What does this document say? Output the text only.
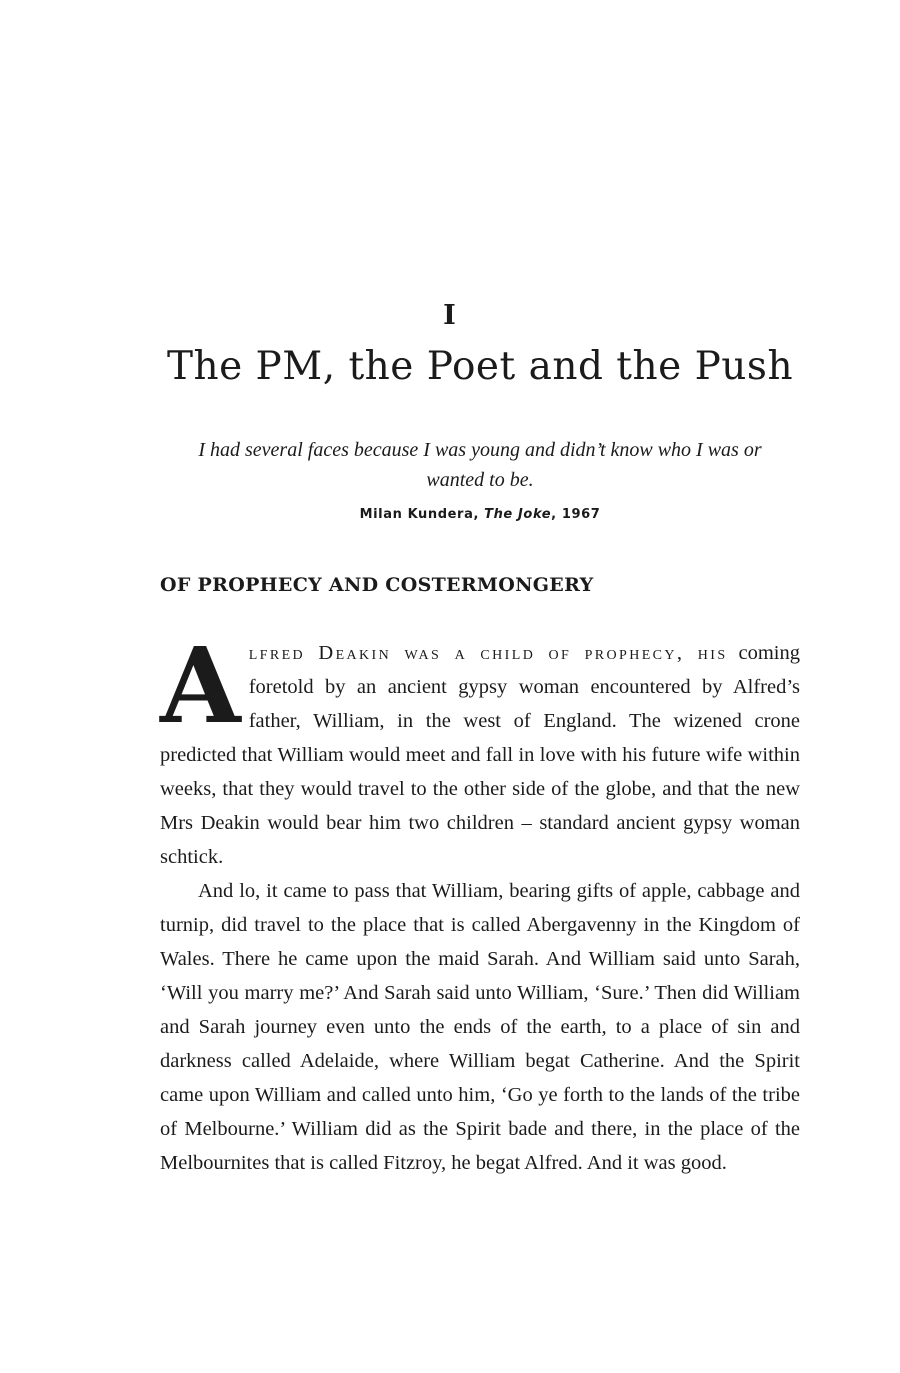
I
The PM, the Poet and the Push
I had several faces because I was young and didn’t know who I was or wanted to be.
Milan Kundera, The Joke, 1967
OF PROPHECY AND COSTERMONGERY

Alfred Deakin was a child of prophecy, his coming foretold by an ancient gypsy woman encountered by Alfred’s father, William, in the west of England. The wizened crone predicted that William would meet and fall in love with his future wife within weeks, that they would travel to the other side of the globe, and that the new Mrs Deakin would bear him two children – standard ancient gypsy woman schtick.

And lo, it came to pass that William, bearing gifts of apple, cabbage and turnip, did travel to the place that is called Abergavenny in the Kingdom of Wales. There he came upon the maid Sarah. And William said unto Sarah, ‘Will you marry me?’ And Sarah said unto William, ‘Sure.’ Then did William and Sarah journey even unto the ends of the earth, to a place of sin and darkness called Adelaide, where William begat Catherine. And the Spirit came upon William and called unto him, ‘Go ye forth to the lands of the tribe of Melbourne.’ William did as the Spirit bade and there, in the place of the Melbournites that is called Fitzroy, he begat Alfred. And it was good.
